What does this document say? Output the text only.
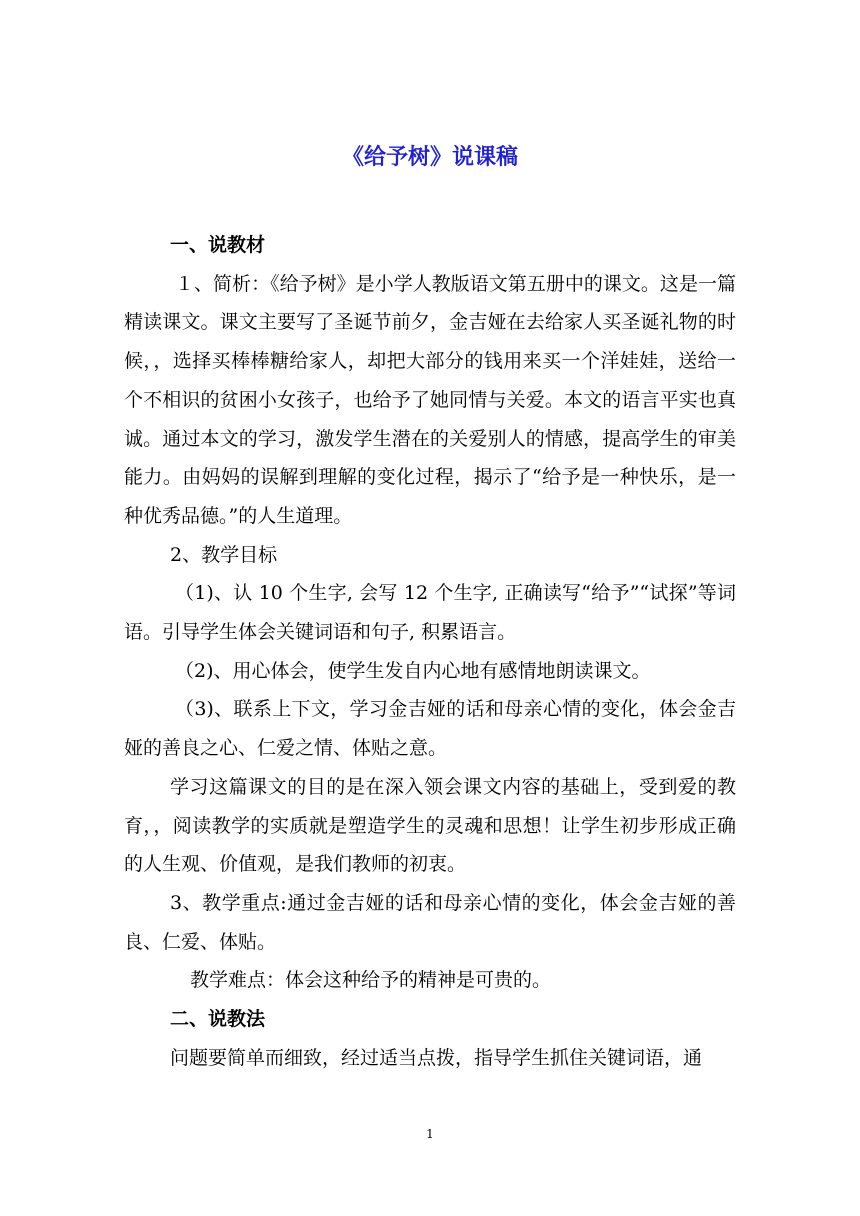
《给予树》说课稿

一、说教材

１、简析：《给予树》是小学人教版语文第五册中的课文。这是一篇精读课文。课文主要写了圣诞节前夕，金吉娅在去给家人买圣诞礼物的时候，，选择买棒棒糖给家人，却把大部分的钱用来买一个洋娃娃，送给一个不相识的贫困小女孩子，也给予了她同情与关爱。本文的语言平实也真诚。通过本文的学习，激发学生潜在的关爱别人的情感，提高学生的审美能力。由妈妈的误解到理解的变化过程，揭示了“给予是一种快乐，是一种优秀品德。”的人生道理。

2、教学目标

（1)、认 10 个生字, 会写 12 个生字, 正确读写“给予”“试探”等词语。引导学生体会关键词语和句子, 积累语言。

（2)、用心体会，使学生发自内心地有感情地朗读课文。

（3)、联系上下文，学习金吉娅的话和母亲心情的变化，体会金吉娅的善良之心、仁爱之情、体贴之意。

学习这篇课文的目的是在深入领会课文内容的基础上，受到爱的教育，，阅读教学的实质就是塑造学生的灵魂和思想！让学生初步形成正确的人生观、价值观，是我们教师的初衷。

3、教学重点:通过金吉娅的话和母亲心情的变化，体会金吉娅的善良、仁爱、体贴。

教学难点：体会这种给予的精神是可贵的。

二、说教法

问题要简单而细致，经过适当点拨，指导学生抓住关键词语，通

1
